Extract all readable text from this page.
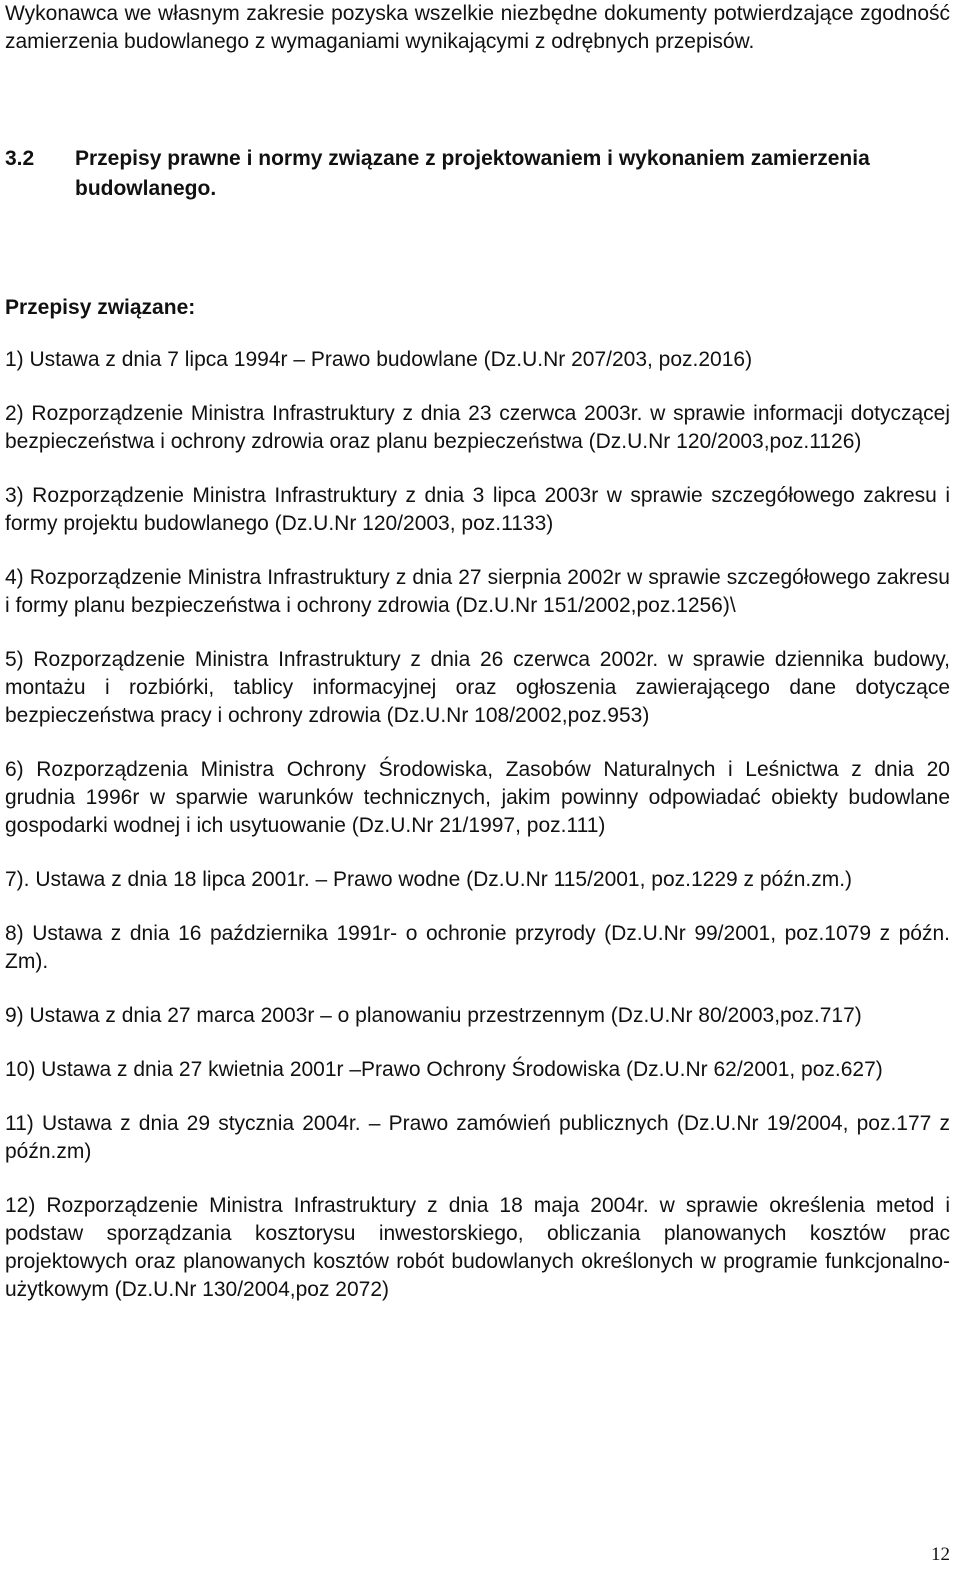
Wykonawca we własnym zakresie pozyska wszelkie niezbędne dokumenty potwierdzające zgodność zamierzenia budowlanego z wymaganiami wynikającymi z odrębnych przepisów.

3.2	Przepisy prawne i normy związane z projektowaniem i wykonaniem zamierzenia
budowlanego.

Przepisy związane:

1) Ustawa z dnia 7 lipca 1994r – Prawo budowlane (Dz.U.Nr 207/203, poz.2016)

2) Rozporządzenie Ministra Infrastruktury z dnia 23 czerwca 2003r. w sprawie informacji dotyczącej bezpieczeństwa i ochrony zdrowia oraz planu bezpieczeństwa (Dz.U.Nr 120/2003,poz.1126)

3) Rozporządzenie Ministra Infrastruktury z dnia 3 lipca 2003r w sprawie szczegółowego zakresu i formy projektu budowlanego (Dz.U.Nr 120/2003, poz.1133)

4) Rozporządzenie Ministra Infrastruktury z dnia 27 sierpnia 2002r w sprawie szczegółowego zakresu i formy planu bezpieczeństwa i ochrony zdrowia (Dz.U.Nr 151/2002,poz.1256)\

5) Rozporządzenie Ministra Infrastruktury z dnia 26 czerwca 2002r. w sprawie dziennika budowy, montażu i rozbiórki, tablicy informacyjnej oraz ogłoszenia zawierającego dane dotyczące bezpieczeństwa pracy i ochrony zdrowia (Dz.U.Nr 108/2002,poz.953)

6) Rozporządzenia Ministra Ochrony Środowiska, Zasobów Naturalnych i Leśnictwa z dnia 20 grudnia 1996r w sparwie warunków technicznych, jakim powinny odpowiadać obiekty budowlane gospodarki wodnej i ich usytuowanie (Dz.U.Nr 21/1997, poz.111)

7). Ustawa z dnia 18 lipca 2001r. – Prawo wodne (Dz.U.Nr 115/2001, poz.1229 z późn.zm.)

8) Ustawa z dnia 16 października 1991r- o ochronie przyrody (Dz.U.Nr 99/2001, poz.1079 z późn. Zm).

9) Ustawa z dnia 27 marca 2003r – o planowaniu przestrzennym (Dz.U.Nr 80/2003,poz.717)

10) Ustawa z dnia 27 kwietnia 2001r –Prawo Ochrony Środowiska (Dz.U.Nr 62/2001, poz.627)

11) Ustawa z dnia 29 stycznia 2004r. – Prawo zamówień publicznych (Dz.U.Nr 19/2004, poz.177 z późn.zm)

12) Rozporządzenie Ministra Infrastruktury z dnia 18 maja 2004r. w sprawie określenia metod i podstaw sporządzania kosztorysu inwestorskiego, obliczania planowanych kosztów prac projektowych oraz planowanych kosztów robót budowlanych określonych w programie funkcjonalno-użytkowym (Dz.U.Nr 130/2004,poz 2072)

12
